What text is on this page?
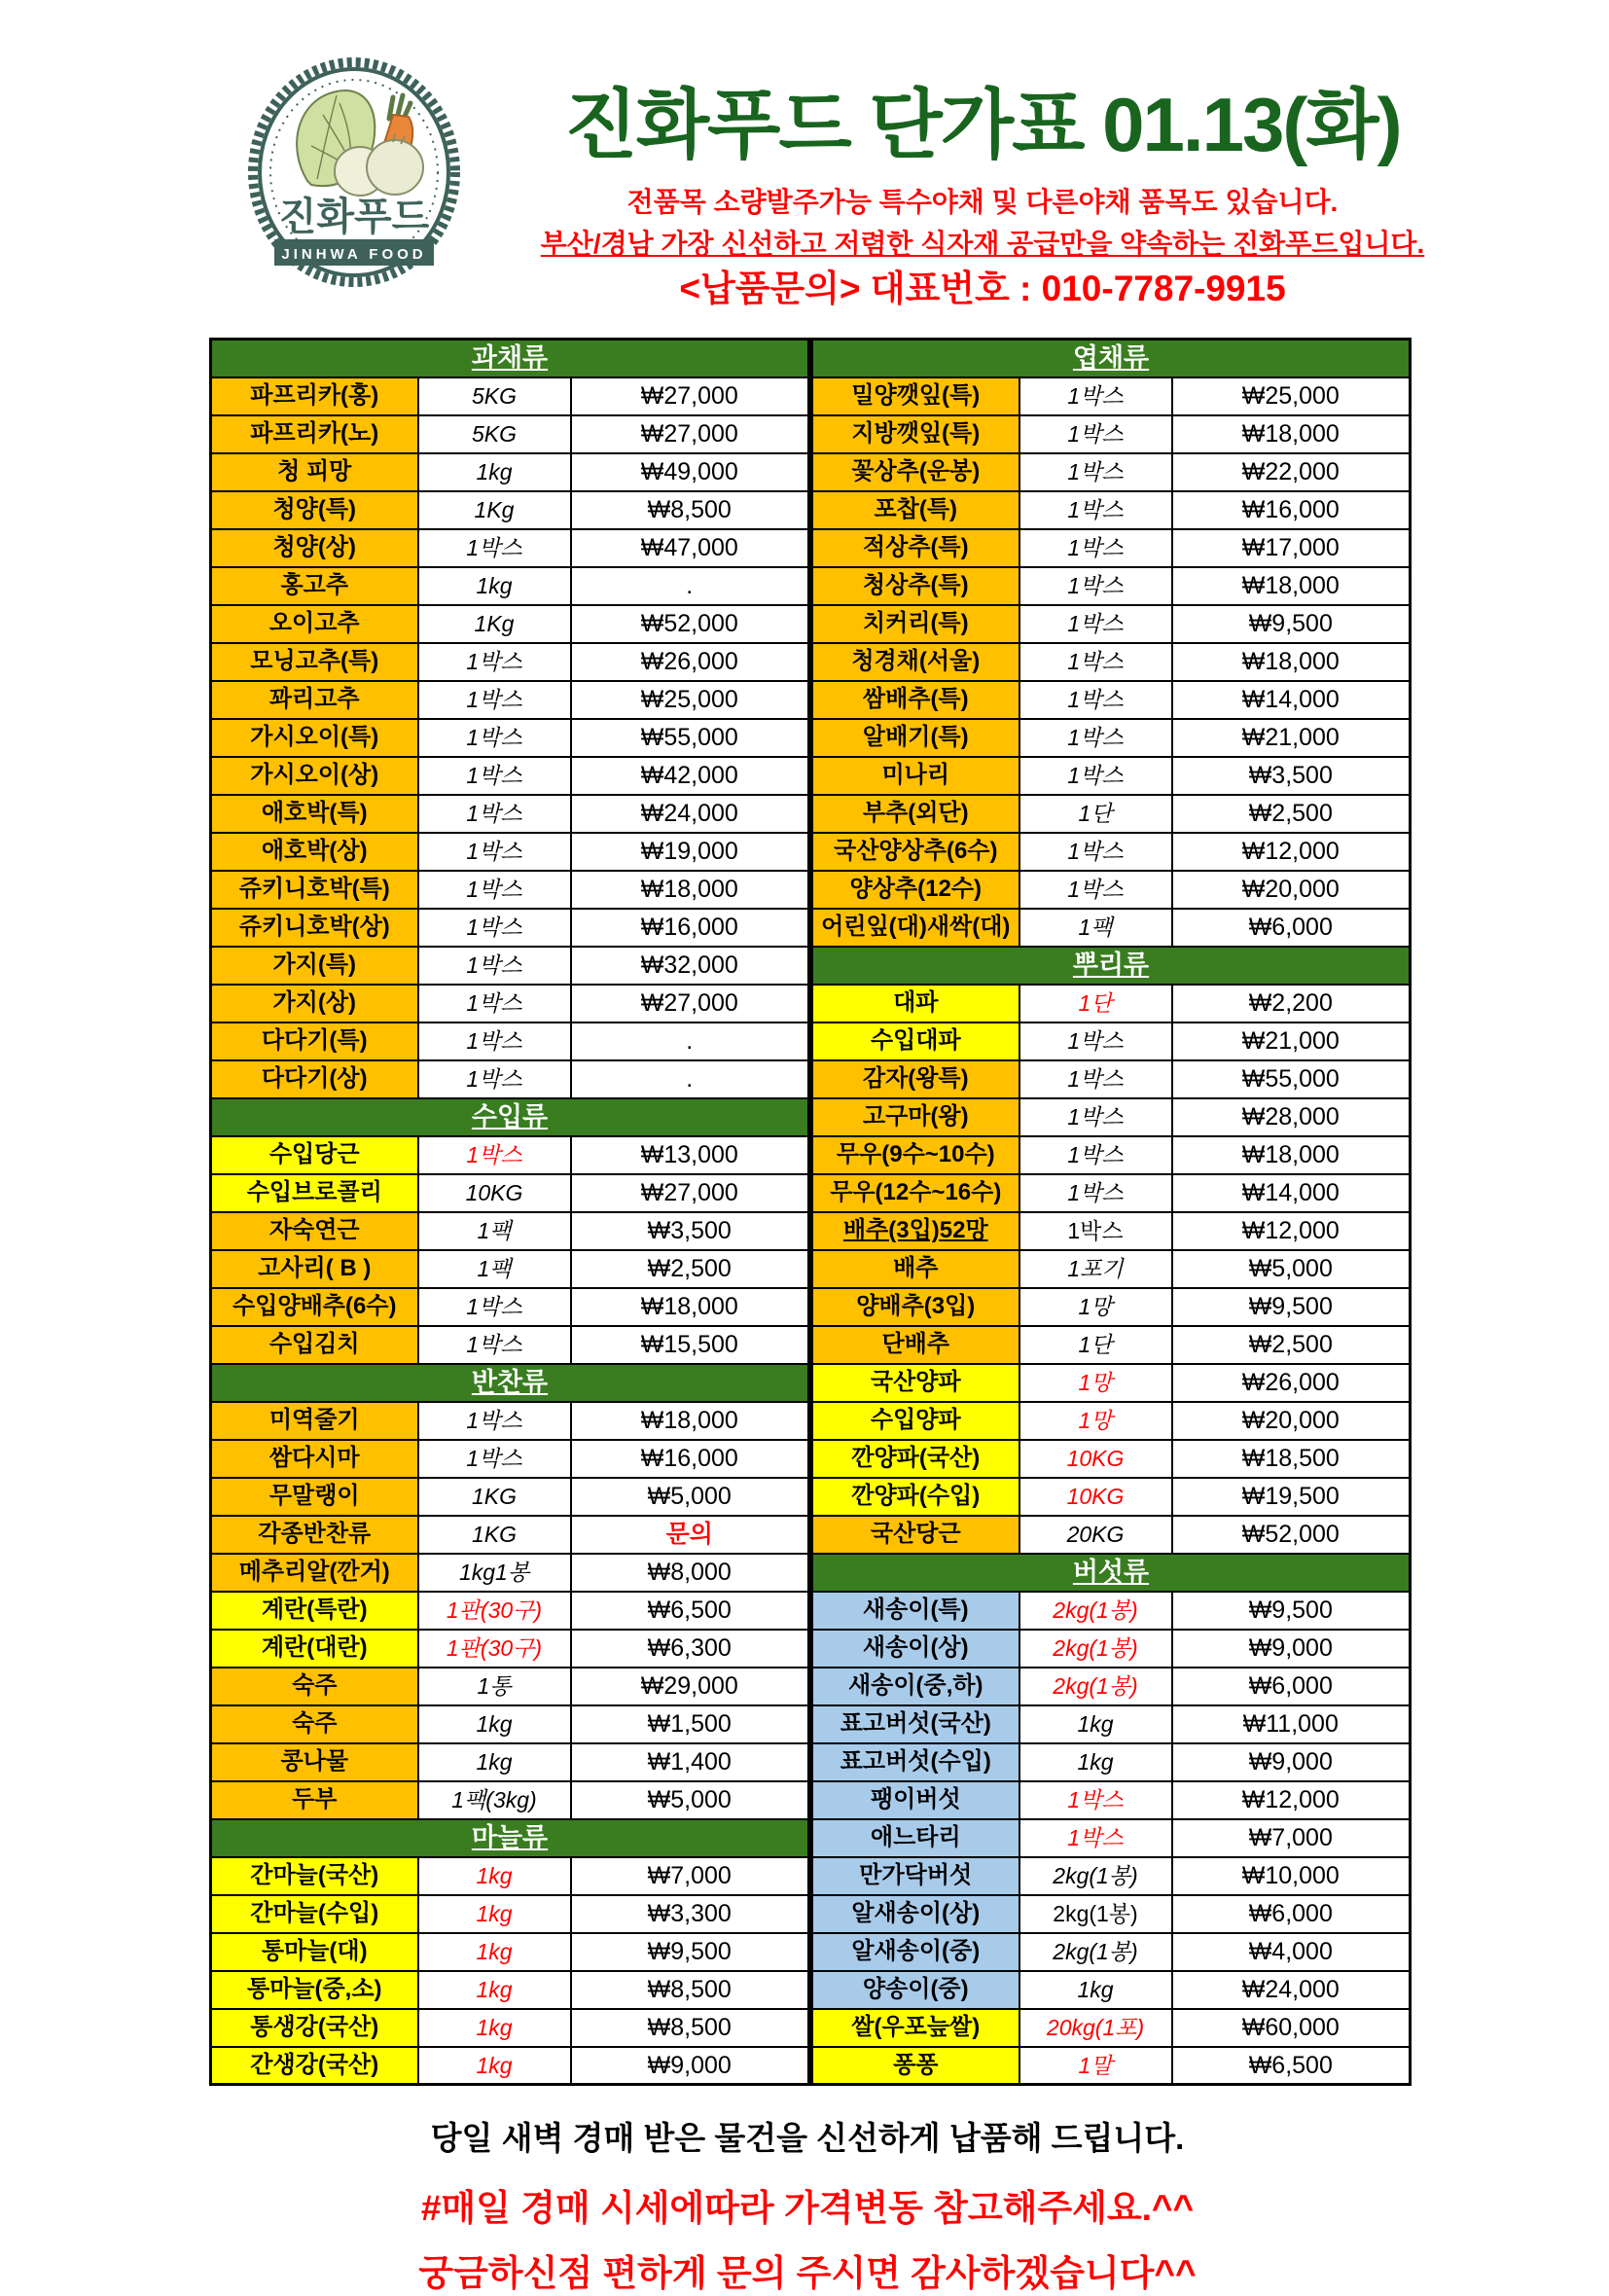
진화푸드
JINHWA FOOD
진화푸드 단가표 01.13(화)
전품목 소량발주가능 특수야채 및 다른야채 품목도 있습니다.
부산/경남 가장 신선하고 저렴한 식자재 공급만을 약속하는 진화푸드입니다.
<납품문의> 대표번호 : 010-7787-9915
과채류		
파프리카(홍)	5KG	₩27,000
파프리카(노)	5KG	₩27,000
청 피망	1kg	₩49,000
청양(특)	1Kg	₩8,500
청양(상)	1박스	₩47,000
홍고추	1kg	.
오이고추	1Kg	₩52,000
모닝고추(특)	1박스	₩26,000
꽈리고추	1박스	₩25,000
가시오이(특)	1박스	₩55,000
가시오이(상)	1박스	₩42,000
애호박(특)	1박스	₩24,000
애호박(상)	1박스	₩19,000
쥬키니호박(특)	1박스	₩18,000
쥬키니호박(상)	1박스	₩16,000
가지(특)	1박스	₩32,000
가지(상)	1박스	₩27,000
다다기(특)	1박스	.
다다기(상)	1박스	.
수입류		
수입당근	1박스	₩13,000
수입브로콜리	10KG	₩27,000
자숙연근	1팩	₩3,500
고사리( B )	1팩	₩2,500
수입양배추(6수)	1박스	₩18,000
수입김치	1박스	₩15,500
반찬류		
미역줄기	1박스	₩18,000
쌈다시마	1박스	₩16,000
무말랭이	1KG	₩5,000
각종반찬류	1KG	문의
메추리알(깐거)	1kg1봉	₩8,000
계란(특란)	1판(30구)	₩6,500
계란(대란)	1판(30구)	₩6,300
숙주	1통	₩29,000
숙주	1kg	₩1,500
콩나물	1kg	₩1,400
두부	1팩(3kg)	₩5,000
마늘류		
간마늘(국산)	1kg	₩7,000
간마늘(수입)	1kg	₩3,300
통마늘(대)	1kg	₩9,500
통마늘(중,소)	1kg	₩8,500
통생강(국산)	1kg	₩8,500
간생강(국산)	1kg	₩9,000
엽채류		
밀양깻잎(특)	1박스	₩25,000
지방깻잎(특)	1박스	₩18,000
꽃상추(운봉)	1박스	₩22,000
포찹(특)	1박스	₩16,000
적상추(특)	1박스	₩17,000
청상추(특)	1박스	₩18,000
치커리(특)	1박스	₩9,500
청경채(서울)	1박스	₩18,000
쌈배추(특)	1박스	₩14,000
알배기(특)	1박스	₩21,000
미나리	1박스	₩3,500
부추(외단)	1단	₩2,500
국산양상추(6수)	1박스	₩12,000
양상추(12수)	1박스	₩20,000
어린잎(대)새싹(대)	1팩	₩6,000
뿌리류		
대파	1단	₩2,200
수입대파	1박스	₩21,000
감자(왕특)	1박스	₩55,000
고구마(왕)	1박스	₩28,000
무우(9수~10수)	1박스	₩18,000
무우(12수~16수)	1박스	₩14,000
배추(3입)52망	1박스	₩12,000
배추	1포기	₩5,000
양배추(3입)	1망	₩9,500
단배추	1단	₩2,500
국산양파	1망	₩26,000
수입양파	1망	₩20,000
깐양파(국산)	10KG	₩18,500
깐양파(수입)	10KG	₩19,500
국산당근	20KG	₩52,000
버섯류		
새송이(특)	2kg(1봉)	₩9,500
새송이(상)	2kg(1봉)	₩9,000
새송이(중,하)	2kg(1봉)	₩6,000
표고버섯(국산)	1kg	₩11,000
표고버섯(수입)	1kg	₩9,000
팽이버섯	1박스	₩12,000
애느타리	1박스	₩7,000
만가닥버섯	2kg(1봉)	₩10,000
알새송이(상)	2kg(1봉)	₩6,000
알새송이(중)	2kg(1봉)	₩4,000
양송이(중)	1kg	₩24,000
쌀(우포늪쌀)	20kg(1포)	₩60,000
퐁퐁	1말	₩6,500
당일 새벽 경매 받은 물건을 신선하게 납품해 드립니다.
#매일 경매 시세에따라 가격변동 참고해주세요.^^
궁금하신점 편하게 문의 주시면 감사하겠습니다^^
